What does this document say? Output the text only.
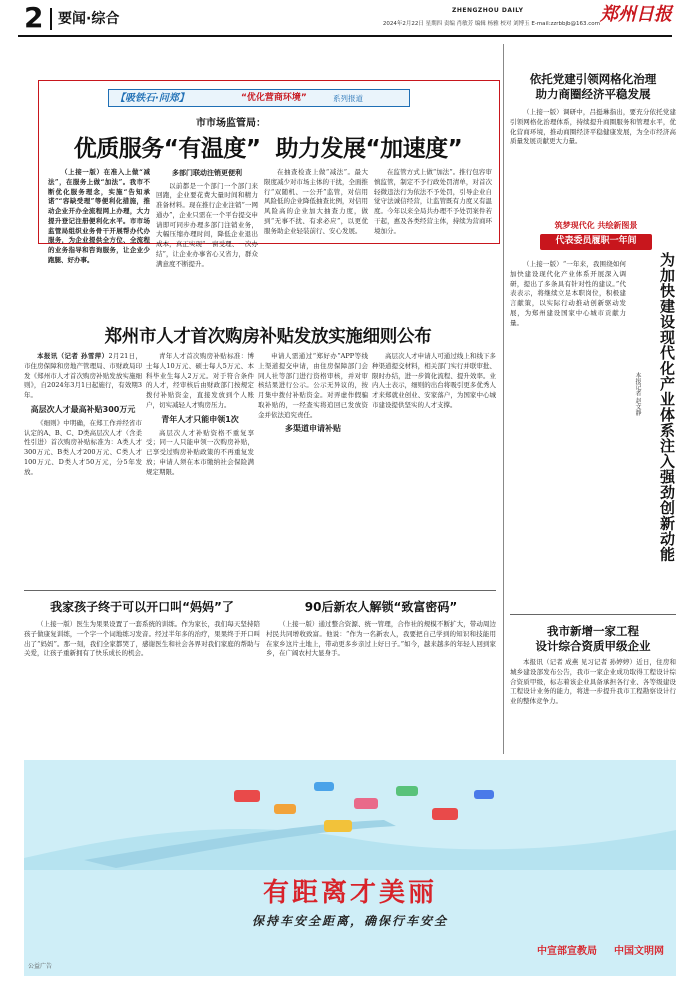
2 要闻·综合
ZHENGZHOU DAILY	郑州日报
2024年2月22日 星期四 责编 肖敏芳 编辑 杨雅 校对 刘博玉 E-mail:zzrbbjb@163.com
【吸铁石·问郑】	“优化营商环境”	系列报道
市市场监管局：
优质服务“有温度”  助力发展“加速度”

（上接一版）在准入上做“减法”，在服务上做“加法”。我市不断优化服务理念，实施“告知承诺”“容缺受理”等便利化措施，推动企业开办全流程网上办理，大力提升登记注册便利化水平。市市场监管局组织业务骨干开展帮办代办服务，为企业提供全方位、全流程的业务指导和咨询服务，让企业少跑腿、好办事。

多部门联动注销更便利

以前都是一个部门一个部门来回跑，企业要花费大量时间和精力准备材料。现在推行企业注销“一网通办”，企业只需在一个平台提交申请即可同步办理多部门注销业务，大幅压缩办理时间，降低企业退出成本，真正实现“一窗受理、一次办结”，让企业办事省心又省力，群众满意度不断提升。

在抽查检查上做“减法”。最大限度减少对市场主体的干扰，全面推行“双随机、一公开”监管，对信用风险低的企业降低抽查比例，对信用风险高的企业加大抽查力度，做到“无事不扰、有求必应”，以更优服务助企业轻装前行、安心发展。

在监管方式上做“加法”。推行包容审慎监管，制定不予行政处罚清单，对首次轻微违法行为依法不予处罚，引导企业自觉守法诚信经营，让监管既有力度又有温度。今年以来全局共办理不予处罚案件若干起，惠及各类经营主体，持续为营商环境加分。

郑州市人才首次购房补贴发放实施细则公布

本报讯（记者 孙雪萍）2月21日，市住房保障和房地产管理局、市财政局印发《郑州市人才首次购房补贴发放实施细则》，自2024年3月1日起施行，有效期3年。

高层次人才最高补贴300万元

《细则》中明确，在郑工作并经省市认定的A、B、C、D类高层次人才（含柔性引进）首次购房补贴标准为：A类人才300万元、B类人才200万元、C类人才100万元、D类人才50万元，分5年发放。

青年人才首次购房补贴标准：博士每人10万元、硕士每人5万元、本科毕业生每人2万元。对于符合条件的人才，经审核后由财政部门按规定拨付补贴资金，直接发放到个人账户，切实减轻人才购房压力。

青年人才只能申领1次

高层次人才补贴资格不重复享受；同一人只能申领一次购房补贴，已享受过购房补贴政策的不再重复发放；申请人须在本市缴纳社会保险满规定期限。

申请人需通过“郑好办”APP等线上渠道提交申请，由住房保障部门会同人社等部门进行资格审核，并对审核结果进行公示。公示无异议的，按月集中拨付补贴资金。对弄虚作假骗取补贴的，一经查实将追回已发放资金并依法追究责任。

多渠道申请补贴

高层次人才申请人可通过线上和线下多种渠道提交材料，相关部门实行并联审批、限时办结，进一步简化流程、提升效率。业内人士表示，细则的出台将吸引更多优秀人才来郑就业创业、安家落户，为国家中心城市建设提供坚实的人才支撑。

我家孩子终于可以开口叫“妈妈”了

（上接一版）医生为果果设置了一套系统的训练。作为家长，我们每天坚持陪孩子做康复训练，一个字一个词地练习发音。经过半年多的治疗，果果终于开口叫出了“妈妈”。那一刻，我们全家都哭了，感谢医生和社会各界对我们家庭的帮助与关爱，让孩子重新拥有了快乐成长的机会。

90后新农人解锁“致富密码”

（上接一版）通过整合资源、统一管理，合作社的规模不断扩大，带动周边村民共同增收致富。他说：“作为一名新农人，我要把自己学到的知识和技能用在家乡这片土地上，带动更多乡亲过上好日子。”如今，越来越多的年轻人回到家乡，在广阔农村大显身手。

依托党建引领网格化治理
助力商圈经济平稳发展

（上接一版）调研中，吕挺琳指出，要充分依托党建引领网格化治理体系，持续提升商圈服务和管理水平，优化营商环境，推动商圈经济平稳健康发展，为全市经济高质量发展贡献更大力量。

筑梦现代化 共绘新图景
代表委员履职一年间

（上接一版）“一年来，我围绕如何加快建设现代化产业体系开展深入调研，提出了多条具有针对性的建议。”代表表示，将继续立足本职岗位，积极建言献策，以实际行动推动创新驱动发展，为郑州建设国家中心城市贡献力量。

本报记者 赵文静	为加快建设现代化产业体系注入强劲创新动能
我市新增一家工程
设计综合资质甲级企业

本报讯（记者 成燕 见习记者 孙婷婷）近日，住房和城乡建设部发布公告，我市一家企业成功取得工程设计综合资质甲级，标志着该企业具备承担各行业、各等级建设工程设计业务的能力，将进一步提升我市工程勘察设计行业的整体竞争力。

有距离才美丽
保持车安全距离，确保行车安全
中宣部宣教局 中国文明网
公益广告
